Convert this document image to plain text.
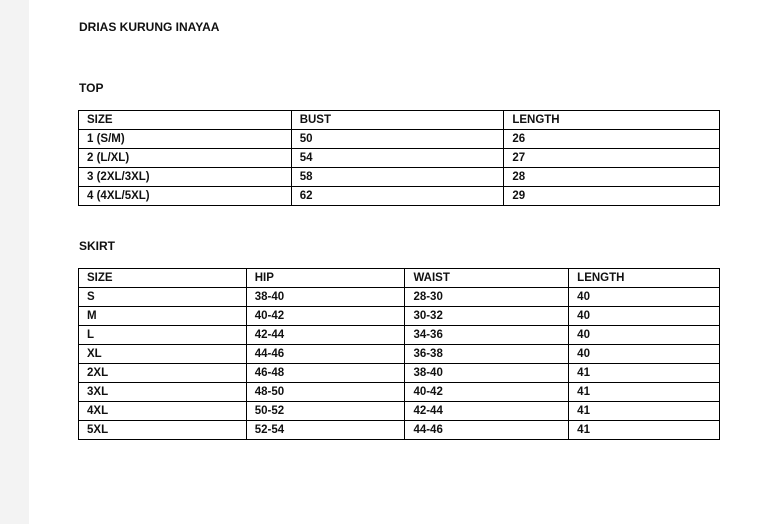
DRIAS KURUNG INAYAA
TOP
SIZE	BUST	LENGTH
1 (S/M)	50	26
2 (L/XL)	54	27
3 (2XL/3XL)	58	28
4 (4XL/5XL)	62	29
SKIRT
SIZE	HIP	WAIST	LENGTH
S	38-40	28-30	40
M	40-42	30-32	40
L	42-44	34-36	40
XL	44-46	36-38	40
2XL	46-48	38-40	41
3XL	48-50	40-42	41
4XL	50-52	42-44	41
5XL	52-54	44-46	41
